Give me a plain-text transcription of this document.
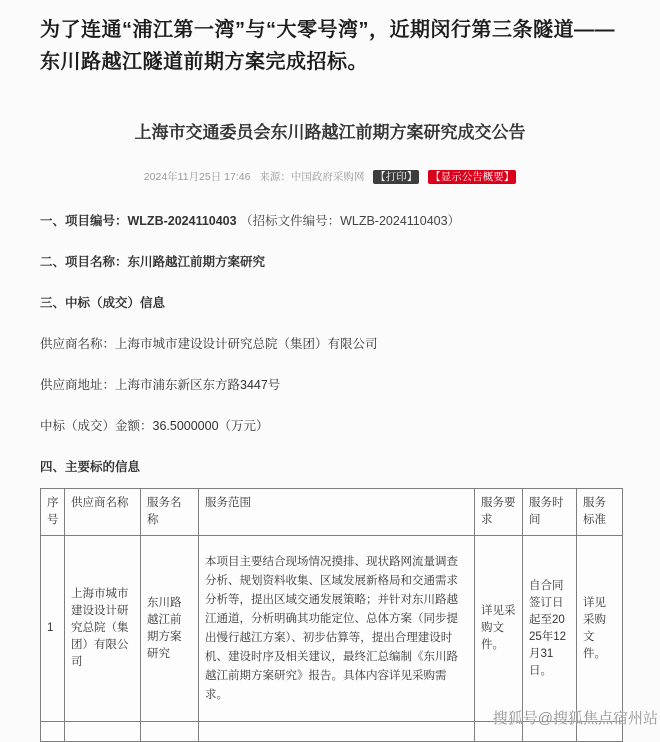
为了连通“浦江第一湾”与“大零号湾”，近期闵行第三条隧道——东川路越江隧道前期方案完成招标。

上海市交通委员会东川路越江前期方案研究成交公告
2024年11月25日 17:46 来源：中国政府采购网 【打印】 【显示公告概要】

一、项目编号：WLZB-2024110403 （招标文件编号：WLZB-2024110403）

二、项目名称：东川路越江前期方案研究

三、中标（成交）信息

供应商名称：上海市城市建设设计研究总院（集团）有限公司

供应商地址：上海市浦东新区东方路3447号

中标（成交）金额：36.5000000（万元）

四、主要标的信息

序号	供应商名称	服务名称	服务范围	服务要求	服务时间	服务标准
1	上海市城市建设设计研究总院（集团）有限公司	东川路越江前期方案研究	本项目主要结合现场情况摸排、现状路网流量调查分析、规划资料收集、区域发展新格局和交通需求分析等，提出区域交通发展策略；并针对东川路越江通道，分析明确其功能定位、总体方案（同步提出慢行越江方案）、初步估算等，提出合理建设时机、建设时序及相关建议，最终汇总编制《东川路越江前期方案研究》报告。具体内容详见采购需求。	详见采购文件。	自合同签订日起至2025年12月31日。	详见采购文件。

搜狐号@搜狐焦点宿州站
